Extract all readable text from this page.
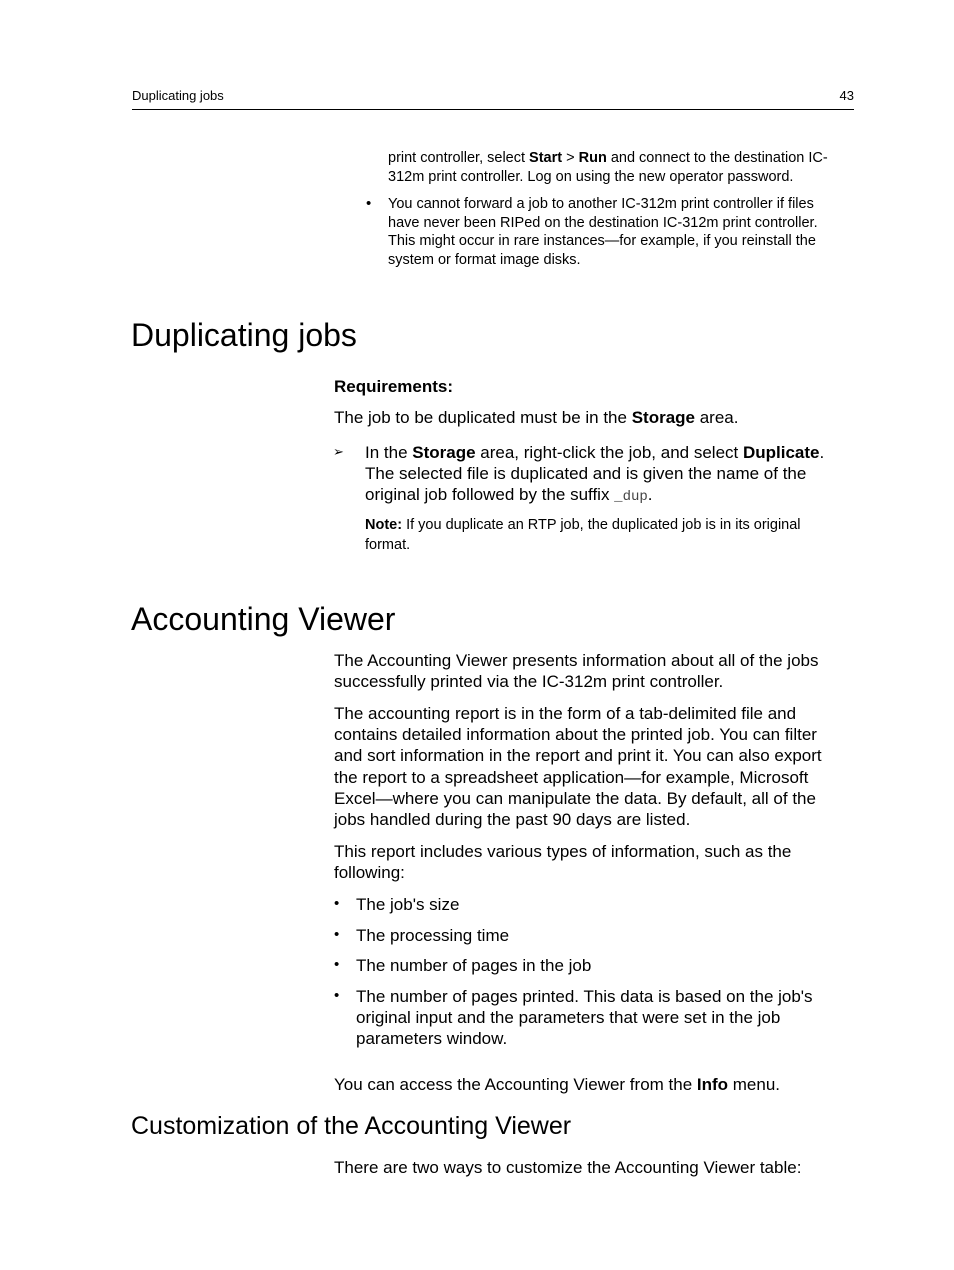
Duplicating jobs	43

print controller, select Start > Run and connect to the destination IC-312m print controller. Log on using the new operator password.

• You cannot forward a job to another IC-312m print controller if files have never been RIPed on the destination IC-312m print controller. This might occur in rare instances—for example, if you reinstall the system or format image disks.

Duplicating jobs

Requirements:

The job to be duplicated must be in the Storage area.

➢ In the Storage area, right-click the job, and select Duplicate. The selected file is duplicated and is given the name of the original job followed by the suffix _dup.

Note: If you duplicate an RTP job, the duplicated job is in its original format.

Accounting Viewer

The Accounting Viewer presents information about all of the jobs successfully printed via the IC-312m print controller.

The accounting report is in the form of a tab-delimited file and contains detailed information about the printed job. You can filter and sort information in the report and print it. You can also export the report to a spreadsheet application—for example, Microsoft Excel—where you can manipulate the data. By default, all of the jobs handled during the past 90 days are listed.

This report includes various types of information, such as the following:

• The job's size

• The processing time

• The number of pages in the job

• The number of pages printed. This data is based on the job's original input and the parameters that were set in the job parameters window.

You can access the Accounting Viewer from the Info menu.

Customization of the Accounting Viewer

There are two ways to customize the Accounting Viewer table:
